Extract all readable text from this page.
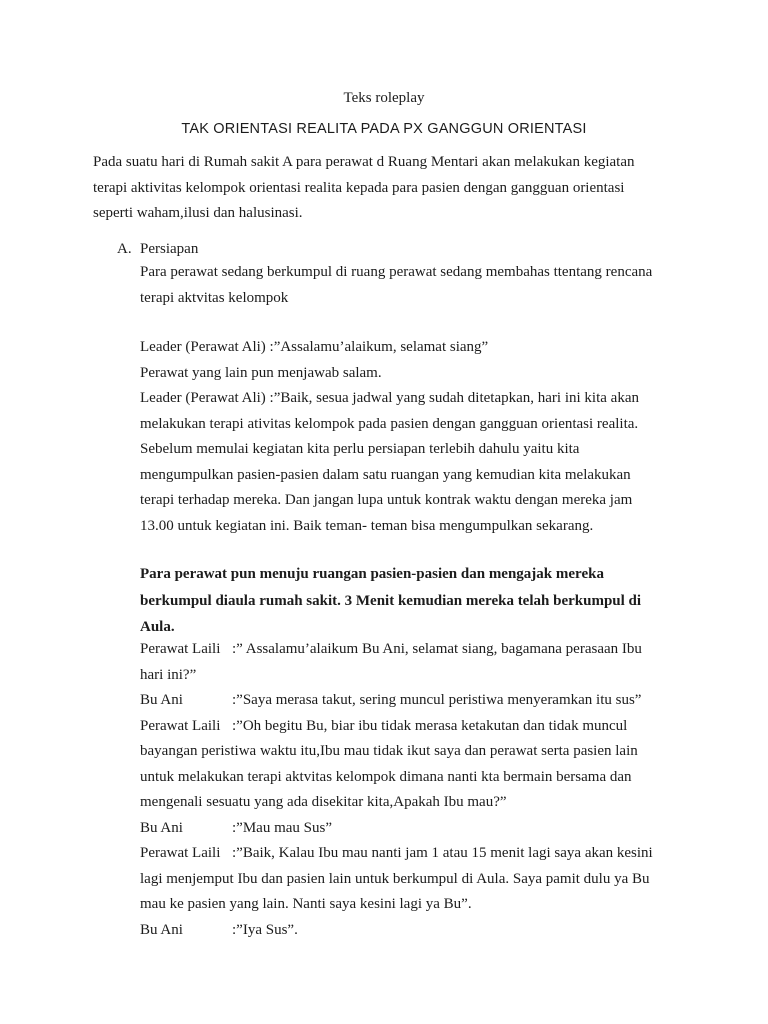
Teks roleplay
TAK ORIENTASI REALITA PADA PX GANGGUN ORIENTASI
Pada suatu hari di Rumah sakit A para perawat d Ruang Mentari akan melakukan kegiatan
terapi aktivitas kelompok orientasi realita kepada para pasien dengan gangguan orientasi
seperti waham,ilusi dan halusinasi.
A. Persiapan
Para perawat sedang berkumpul di ruang perawat sedang membahas ttentang rencana
terapi aktvitas kelompok
Leader (Perawat Ali) :”Assalamu’alaikum, selamat siang”
Perawat yang lain pun menjawab salam.
Leader (Perawat Ali) :”Baik, sesua jadwal yang sudah ditetapkan, hari ini kita akan
melakukan terapi ativitas kelompok pada pasien dengan gangguan orientasi realita.
Sebelum memulai kegiatan kita perlu persiapan terlebih dahulu yaitu kita
mengumpulkan pasien-pasien dalam satu ruangan yang kemudian kita melakukan
terapi terhadap mereka. Dan jangan lupa untuk kontrak waktu dengan mereka jam
13.00 untuk kegiatan ini. Baik teman- teman bisa mengumpulkan sekarang.
Para perawat pun menuju ruangan pasien-pasien dan mengajak mereka
berkumpul diaula rumah sakit. 3 Menit kemudian mereka telah berkumpul di
Aula.
Perawat Laili :” Assalamu’alaikum Bu Ani, selamat siang, bagamana perasaan Ibu
hari ini?”
Bu Ani	:”Saya merasa takut, sering muncul peristiwa menyeramkan itu sus”
Perawat Laili :”Oh begitu Bu, biar ibu tidak merasa ketakutan dan tidak muncul
bayangan peristiwa waktu itu,Ibu mau tidak ikut saya dan perawat serta pasien lain
untuk melakukan terapi aktvitas kelompok dimana nanti kta bermain bersama dan
mengenali sesuatu yang ada disekitar kita,Apakah Ibu mau?”
Bu Ani	:”Mau mau Sus”
Perawat Laili :”Baik, Kalau Ibu mau nanti jam 1 atau 15 menit lagi saya akan kesini
lagi menjemput Ibu dan pasien lain untuk berkumpul di Aula. Saya pamit dulu ya Bu
mau ke pasien yang lain. Nanti saya kesini lagi ya Bu”.
Bu Ani	:”Iya Sus”.
